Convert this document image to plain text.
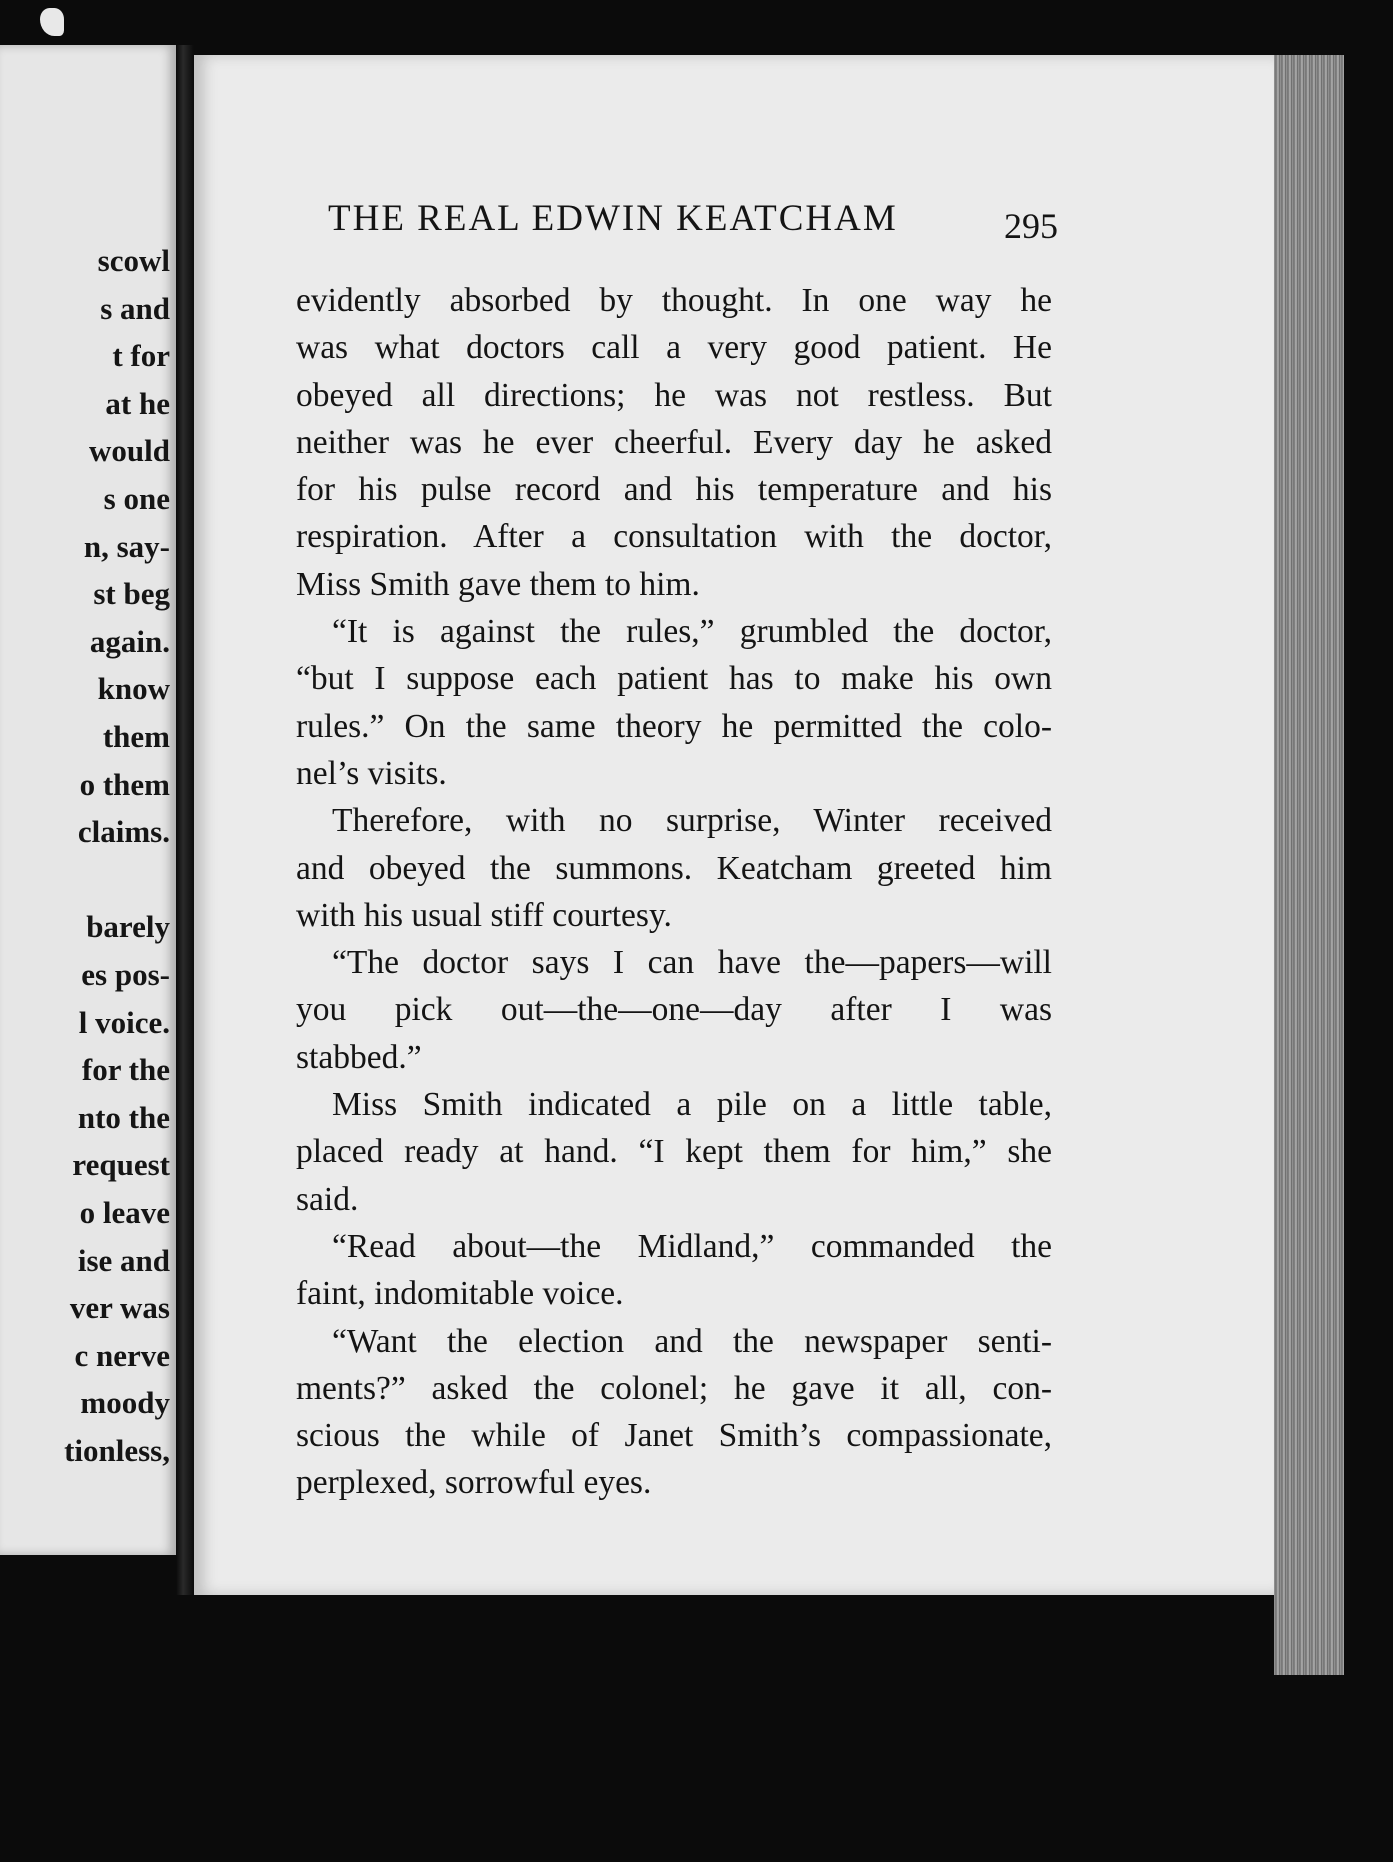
scowl
s and
t for
at he
would
s one
n, say-
st beg
again.
know
them
o them
claims.
barely
es pos-
l voice.
for the
nto the
request
o leave
ise and
ver was
c nerve
moody
tionless,
THE REAL EDWIN KEATCHAM	295
evidently absorbed by thought. In one way he
was what doctors call a very good patient. He
obeyed all directions; he was not restless. But
neither was he ever cheerful. Every day he asked
for his pulse record and his temperature and his
respiration. After a consultation with the doctor,
Miss Smith gave them to him.
“It is against the rules,” grumbled the doctor,
“but I suppose each patient has to make his own
rules.” On the same theory he permitted the colo-
nel’s visits.
Therefore, with no surprise, Winter received
and obeyed the summons. Keatcham greeted him
with his usual stiff courtesy.
“The doctor says I can have the—papers—will
you pick out—the—one—day after I was
stabbed.”
Miss Smith indicated a pile on a little table,
placed ready at hand. “I kept them for him,” she
said.
“Read about—the Midland,” commanded the
faint, indomitable voice.
“Want the election and the newspaper senti-
ments?” asked the colonel; he gave it all, con-
scious the while of Janet Smith’s compassionate,
perplexed, sorrowful eyes.
